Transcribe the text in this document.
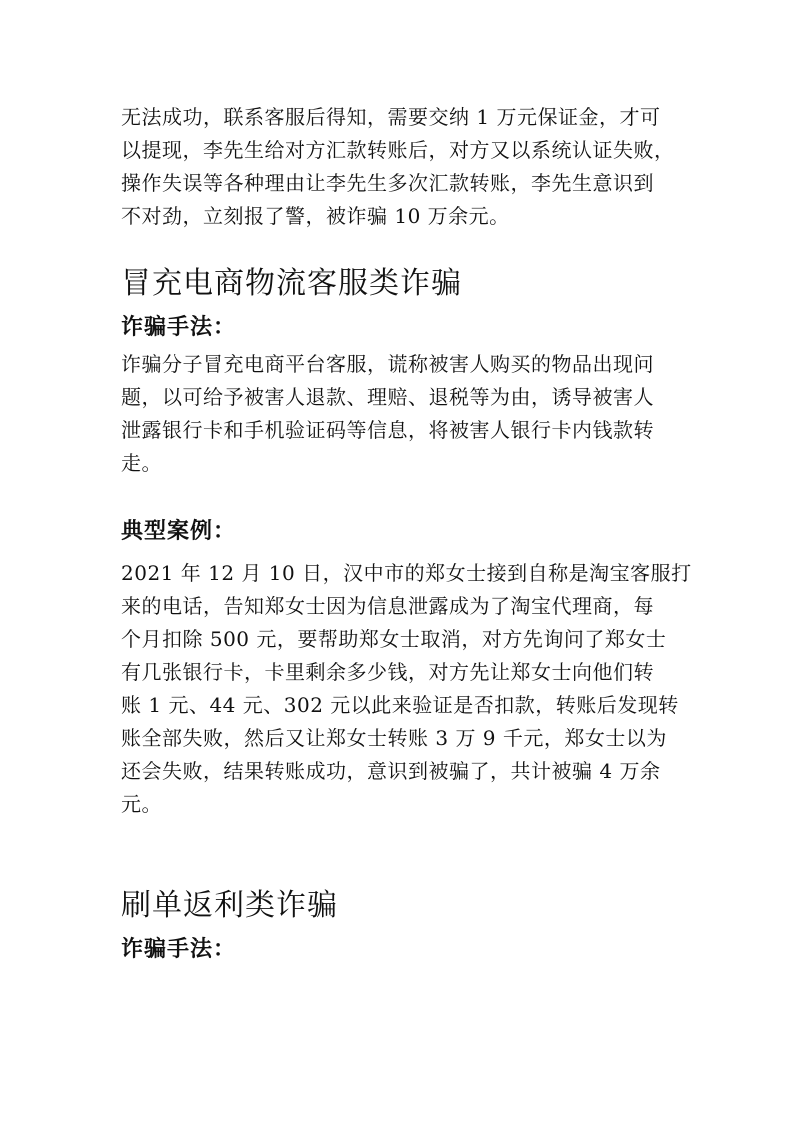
无法成功，联系客服后得知，需要交纳 1 万元保证金，才可
以提现，李先生给对方汇款转账后，对方又以系统认证失败，
操作失误等各种理由让李先生多次汇款转账，李先生意识到
不对劲，立刻报了警，被诈骗 10 万余元。
冒充电商物流客服类诈骗
诈骗手法：
诈骗分子冒充电商平台客服，谎称被害人购买的物品出现问
题，以可给予被害人退款、理赔、退税等为由，诱导被害人
泄露银行卡和手机验证码等信息，将被害人银行卡内钱款转
走。
典型案例：
2021 年 12 月 10 日，汉中市的郑女士接到自称是淘宝客服打
来的电话，告知郑女士因为信息泄露成为了淘宝代理商，每
个月扣除 500 元，要帮助郑女士取消，对方先询问了郑女士
有几张银行卡，卡里剩余多少钱，对方先让郑女士向他们转
账 1 元、44 元、302 元以此来验证是否扣款，转账后发现转
账全部失败，然后又让郑女士转账 3 万 9 千元，郑女士以为
还会失败，结果转账成功，意识到被骗了，共计被骗 4 万余
元。
刷单返利类诈骗
诈骗手法：
